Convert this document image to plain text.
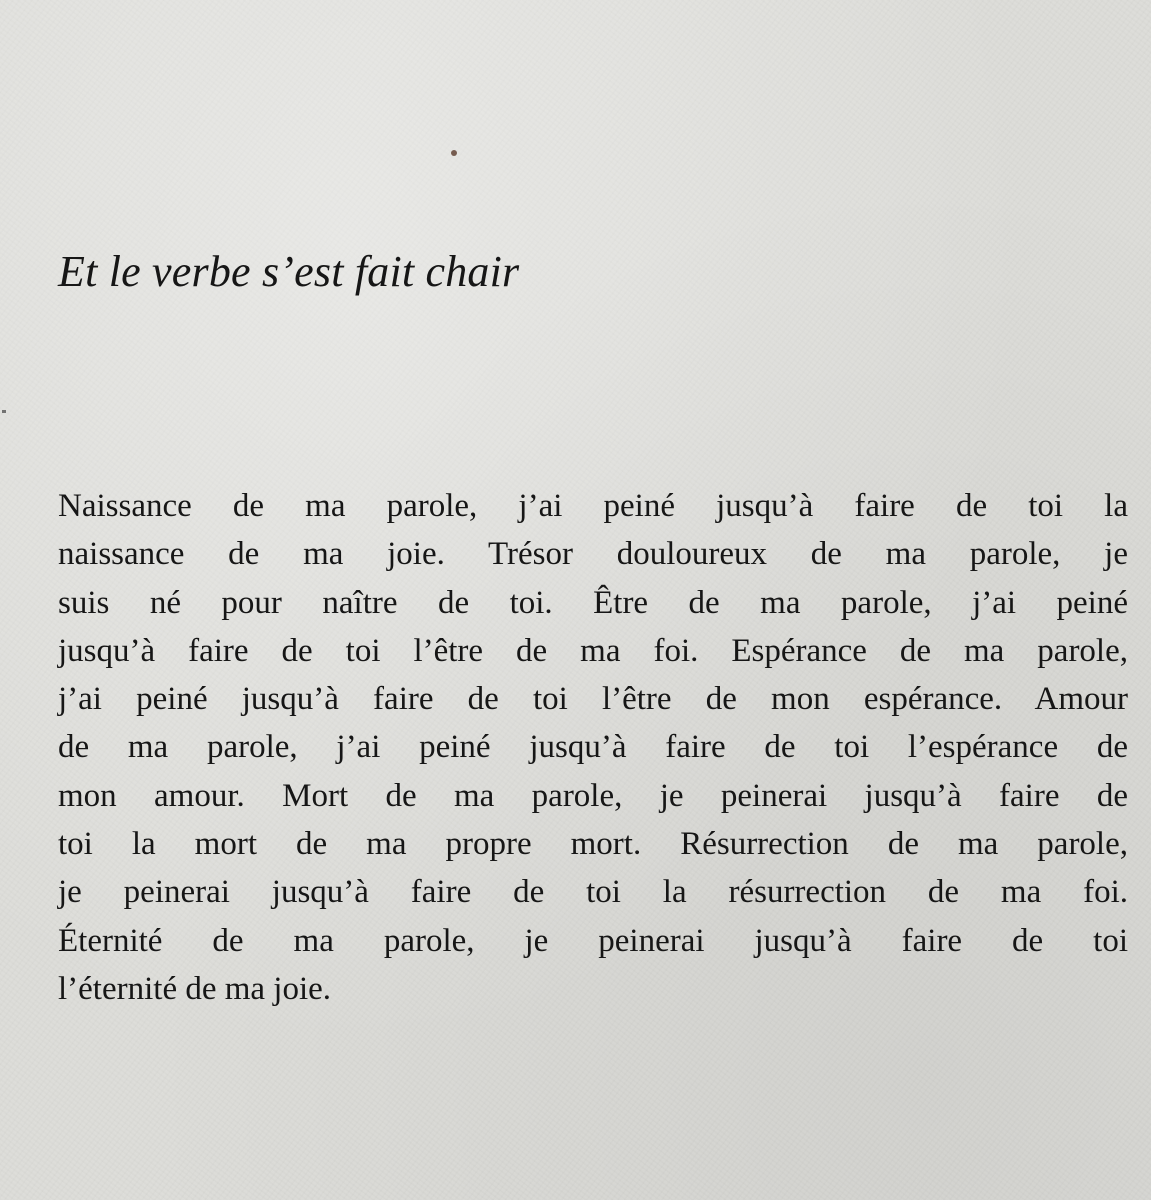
Et le verbe s’est fait chair

Naissance de ma parole, j’ai peiné jusqu’à faire de toi la
naissance de ma joie. Trésor douloureux de ma parole, je
suis né pour naître de toi. Être de ma parole, j’ai peiné
jusqu’à faire de toi l’être de ma foi. Espérance de ma parole,
j’ai peiné jusqu’à faire de toi l’être de mon espérance. Amour
de ma parole, j’ai peiné jusqu’à faire de toi l’espérance de
mon amour. Mort de ma parole, je peinerai jusqu’à faire de
toi la mort de ma propre mort. Résurrection de ma parole,
je peinerai jusqu’à faire de toi la résurrection de ma foi.
Éternité de ma parole, je peinerai jusqu’à faire de toi
l’éternité de ma joie.
